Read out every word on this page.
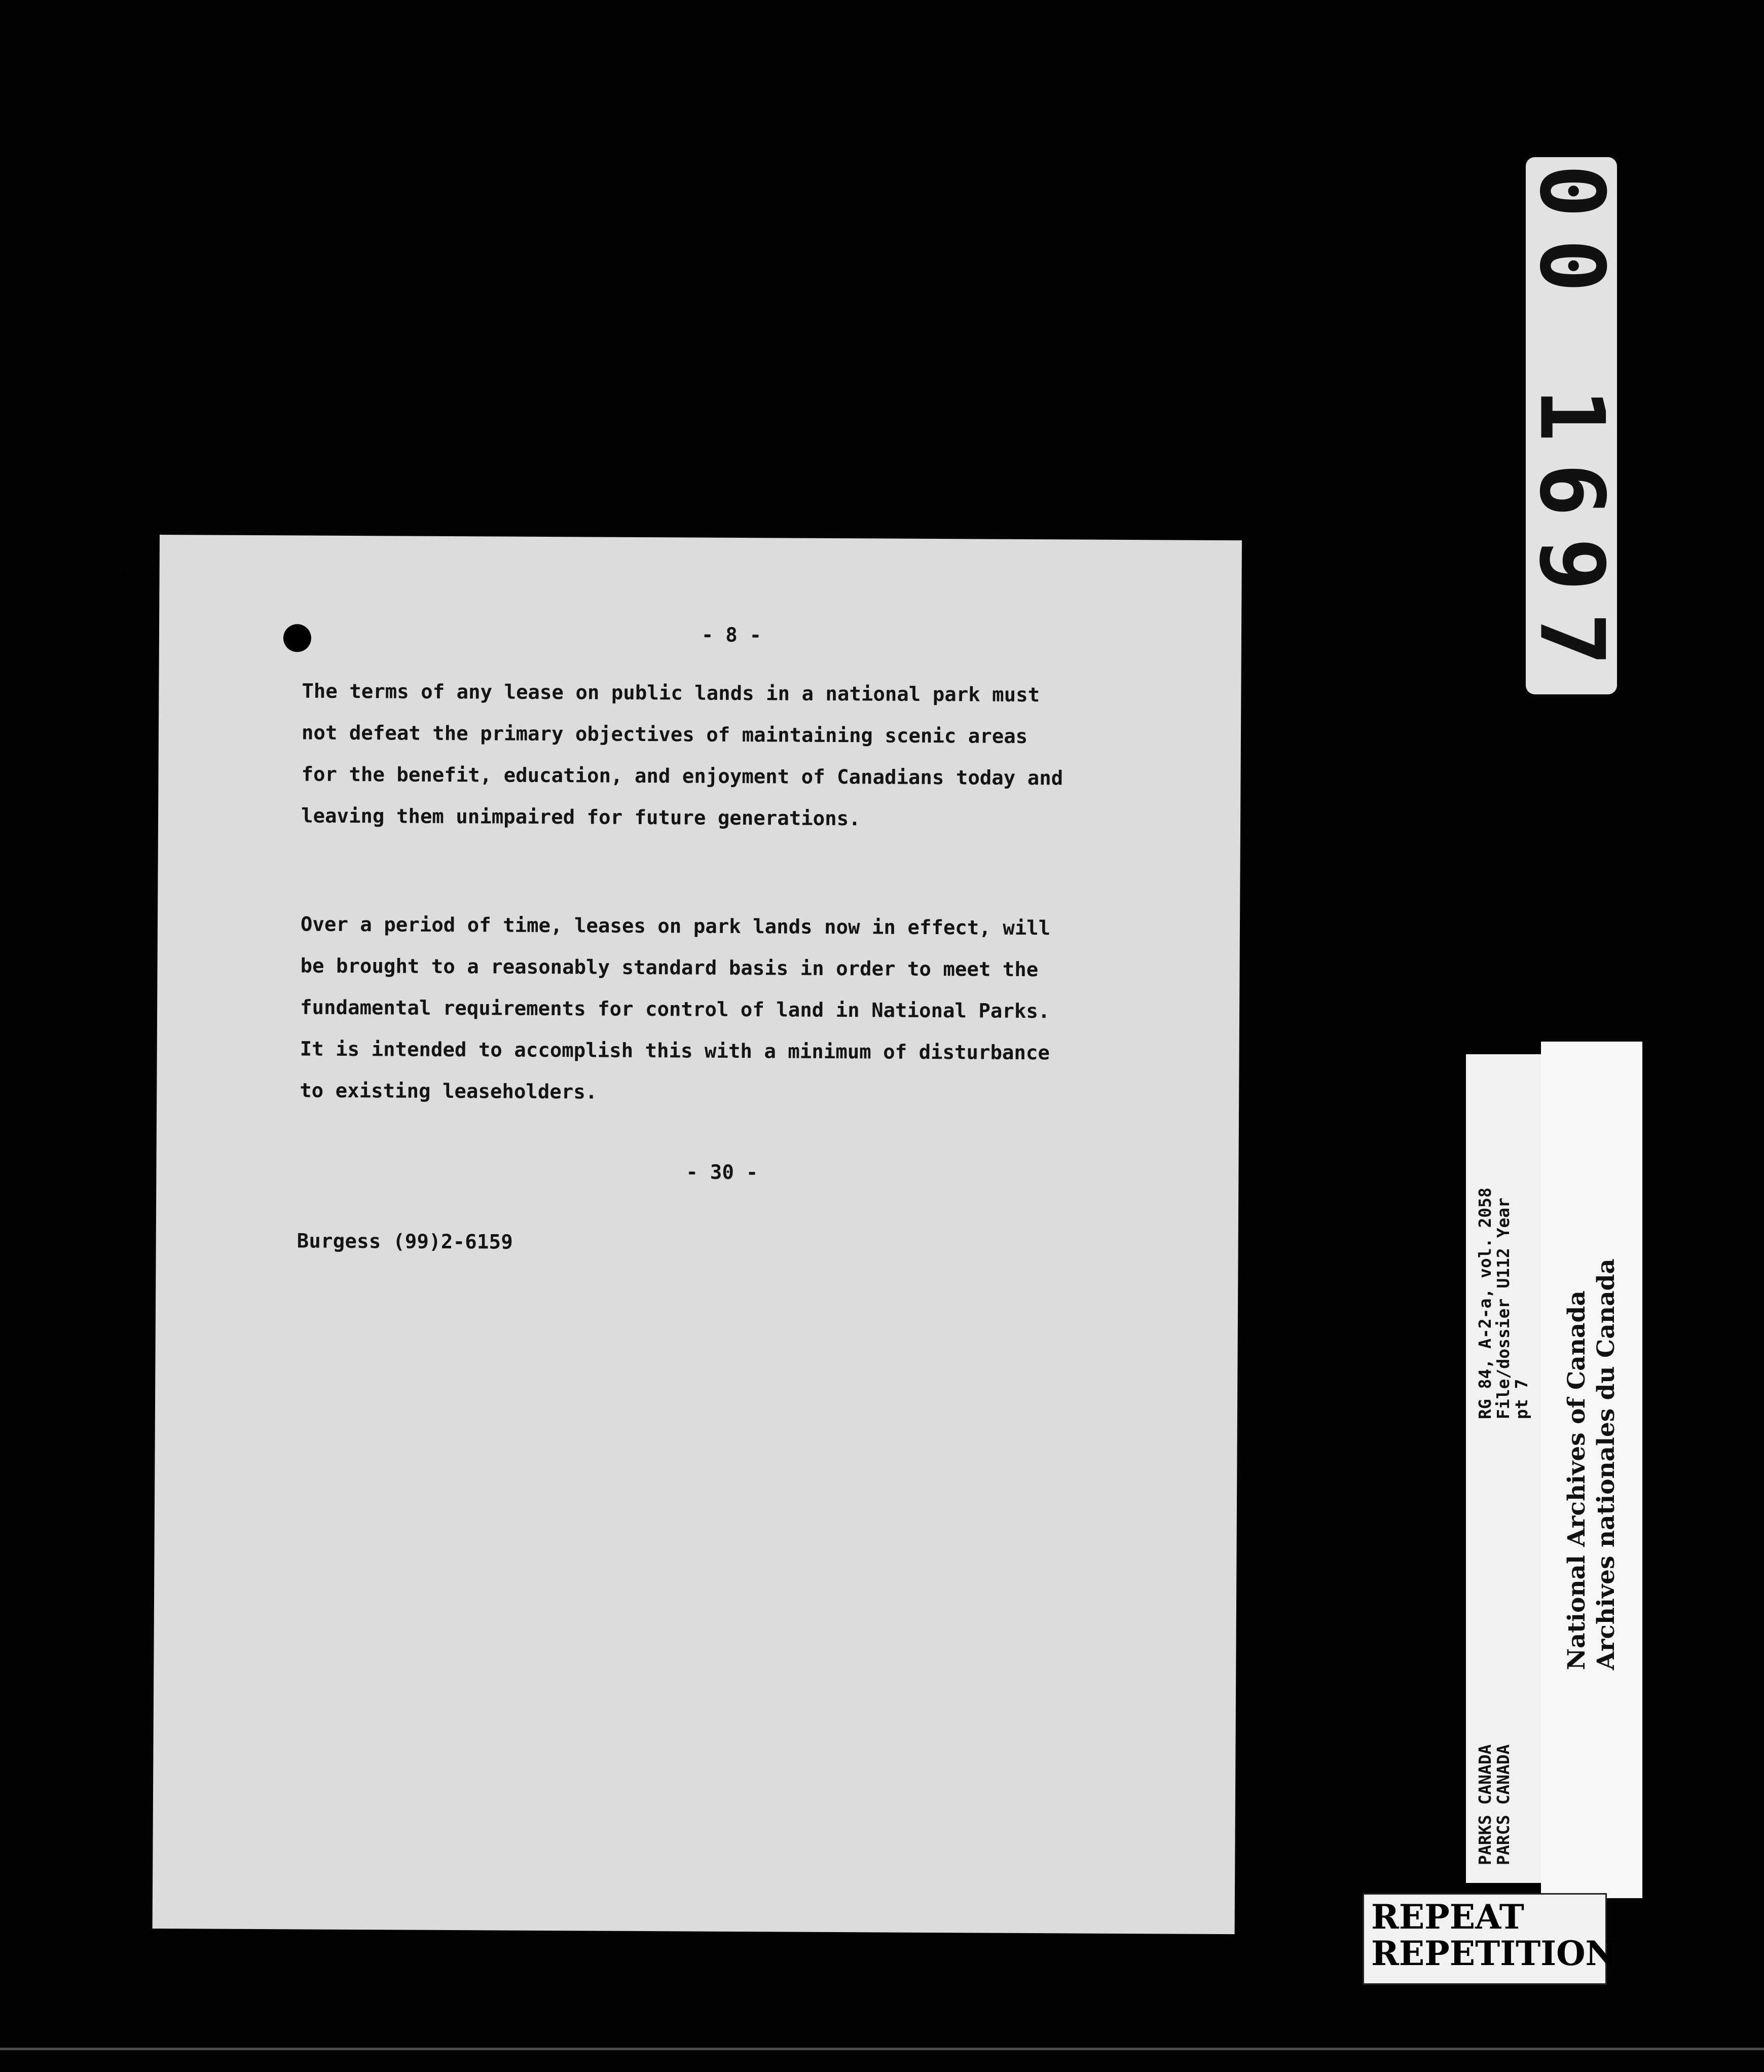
- 8 -
The terms of any lease on public lands in a national park must
not defeat the primary objectives of maintaining scenic areas
for the benefit, education, and enjoyment of Canadians today and
leaving them unimpaired for future generations.
Over a period of time, leases on park lands now in effect, will
be brought to a reasonably standard basis in order to meet the
fundamental requirements for control of land in National Parks.
It is intended to accomplish this with a minimum of disturbance
to existing leaseholders.
- 30 -
Burgess (99)2-6159
00 1697
RG 84, A-2-a, vol. 2058
File/dossier U112 Year
pt 7
PARKS CANADA
PARCS CANADA
National Archives of Canada
Archives nationales du Canada
REPEAT
REPETITION
